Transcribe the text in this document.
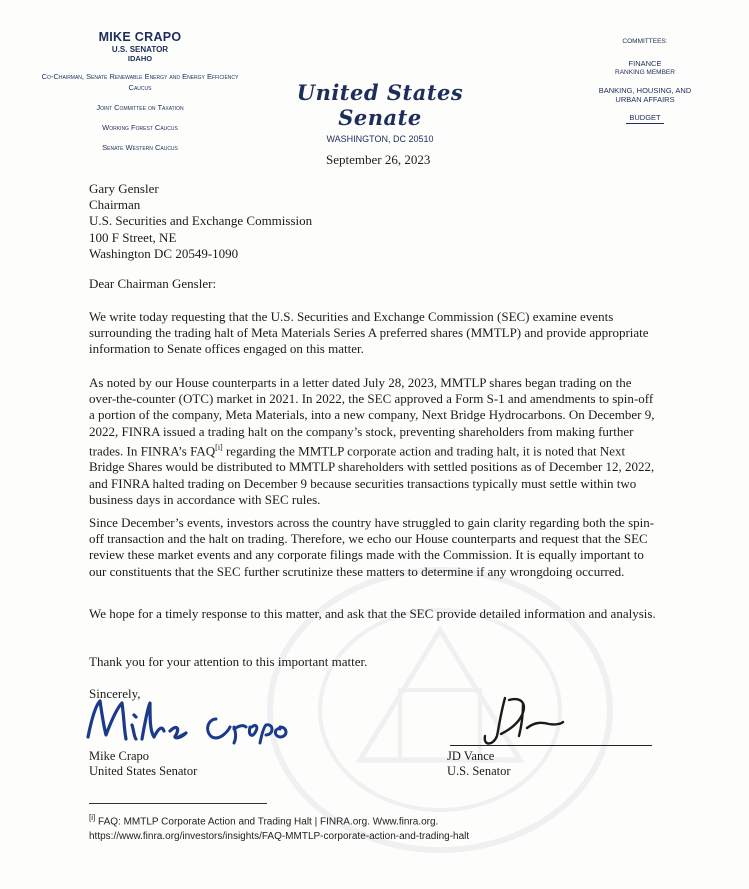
MIKE CRAPO
U.S. SENATOR
IDAHO
Co-Chairman, Senate Renewable Energy and Energy Efficiency Caucus
Joint Committee on Taxation
Working Forest Caucus
Senate Western Caucus
United States Senate
WASHINGTON, DC 20510
COMMITTEES:
FINANCE
RANKING MEMBER
BANKING, HOUSING, AND URBAN AFFAIRS
BUDGET
September 26, 2023
Gary Gensler
Chairman
U.S. Securities and Exchange Commission
100 F Street, NE
Washington DC 20549-1090
Dear Chairman Gensler:
We write today requesting that the U.S. Securities and Exchange Commission (SEC) examine events surrounding the trading halt of Meta Materials Series A preferred shares (MMTLP) and provide appropriate information to Senate offices engaged on this matter.
As noted by our House counterparts in a letter dated July 28, 2023, MMTLP shares began trading on the over-the-counter (OTC) market in 2021. In 2022, the SEC approved a Form S-1 and amendments to spin-off a portion of the company, Meta Materials, into a new company, Next Bridge Hydrocarbons. On December 9, 2022, FINRA issued a trading halt on the company’s stock, preventing shareholders from making further trades. In FINRA’s FAQ[i] regarding the MMTLP corporate action and trading halt, it is noted that Next Bridge Shares would be distributed to MMTLP shareholders with settled positions as of December 12, 2022, and FINRA halted trading on December 9 because securities transactions typically must settle within two business days in accordance with SEC rules.
Since December’s events, investors across the country have struggled to gain clarity regarding both the spin-off transaction and the halt on trading. Therefore, we echo our House counterparts and request that the SEC review these market events and any corporate filings made with the Commission. It is equally important to our constituents that the SEC further scrutinize these matters to determine if any wrongdoing occurred.
We hope for a timely response to this matter, and ask that the SEC provide detailed information and analysis.
Thank you for your attention to this important matter.
Sincerely,
Mike Crapo
United States Senator
JD Vance
U.S. Senator
[i] FAQ: MMTLP Corporate Action and Trading Halt | FINRA.org. Www.finra.org.
https://www.finra.org/investors/insights/FAQ-MMTLP-corporate-action-and-trading-halt
